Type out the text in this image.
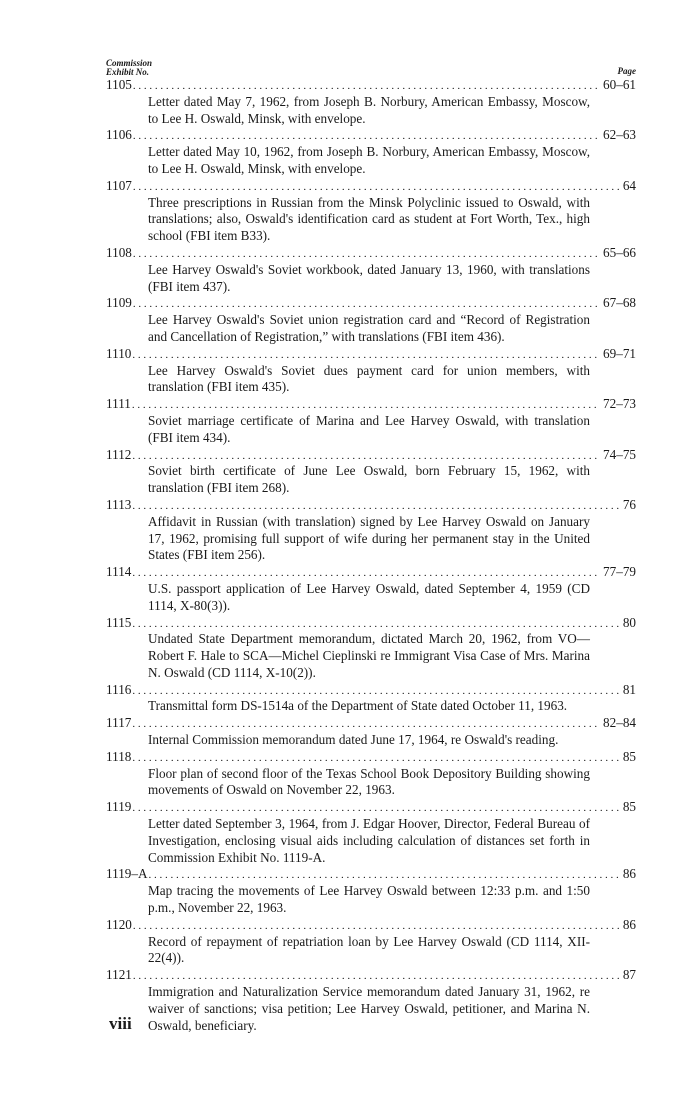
Commission
Exhibit No.	Page
1105 . . .	60–61
Letter dated May 7, 1962, from Joseph B. Norbury, American Embassy, Moscow, to Lee H. Oswald, Minsk, with envelope.
1106 . . .	62–63
Letter dated May 10, 1962, from Joseph B. Norbury, American Embassy, Moscow, to Lee H. Oswald, Minsk, with envelope.
1107 . . .	64
Three prescriptions in Russian from the Minsk Polyclinic issued to Oswald, with translations; also, Oswald's identification card as student at Fort Worth, Tex., high school (FBI item B33).
1108 . . .	65–66
Lee Harvey Oswald's Soviet workbook, dated January 13, 1960, with translations (FBI item 437).
1109 . . .	67–68
Lee Harvey Oswald's Soviet union registration card and “Record of Registration and Cancellation of Registration,” with translations (FBI item 436).
1110 . . .	69–71
Lee Harvey Oswald's Soviet dues payment card for union members, with translation (FBI item 435).
1111 . . .	72–73
Soviet marriage certificate of Marina and Lee Harvey Oswald, with translation (FBI item 434).
1112 . . .	74–75
Soviet birth certificate of June Lee Oswald, born February 15, 1962, with translation (FBI item 268).
1113 . . .	76
Affidavit in Russian (with translation) signed by Lee Harvey Oswald on January 17, 1962, promising full support of wife during her permanent stay in the United States (FBI item 256).
1114 . . .	77–79
U.S. passport application of Lee Harvey Oswald, dated September 4, 1959 (CD 1114, X-80(3)).
1115 . . .	80
Undated State Department memorandum, dictated March 20, 1962, from VO—Robert F. Hale to SCA—Michel Cieplinski re Immigrant Visa Case of Mrs. Marina N. Oswald (CD 1114, X-10(2)).
1116 . . .	81
Transmittal form DS-1514a of the Department of State dated October 11, 1963.
1117 . . .	82–84
Internal Commission memorandum dated June 17, 1964, re Oswald's reading.
1118 . . .	85
Floor plan of second floor of the Texas School Book Depository Building showing movements of Oswald on November 22, 1963.
1119 . . .	85
Letter dated September 3, 1964, from J. Edgar Hoover, Director, Federal Bureau of Investigation, enclosing visual aids including calculation of distances set forth in Commission Exhibit No. 1119-A.
1119–A . . .	86
Map tracing the movements of Lee Harvey Oswald between 12:33 p.m. and 1:50 p.m., November 22, 1963.
1120 . . .	86
Record of repayment of repatriation loan by Lee Harvey Oswald (CD 1114, XII-22(4)).
1121 . . .	87
Immigration and Naturalization Service memorandum dated January 31, 1962, re waiver of sanctions; visa petition; Lee Harvey Oswald, petitioner, and Marina N. Oswald, beneficiary.
viii
